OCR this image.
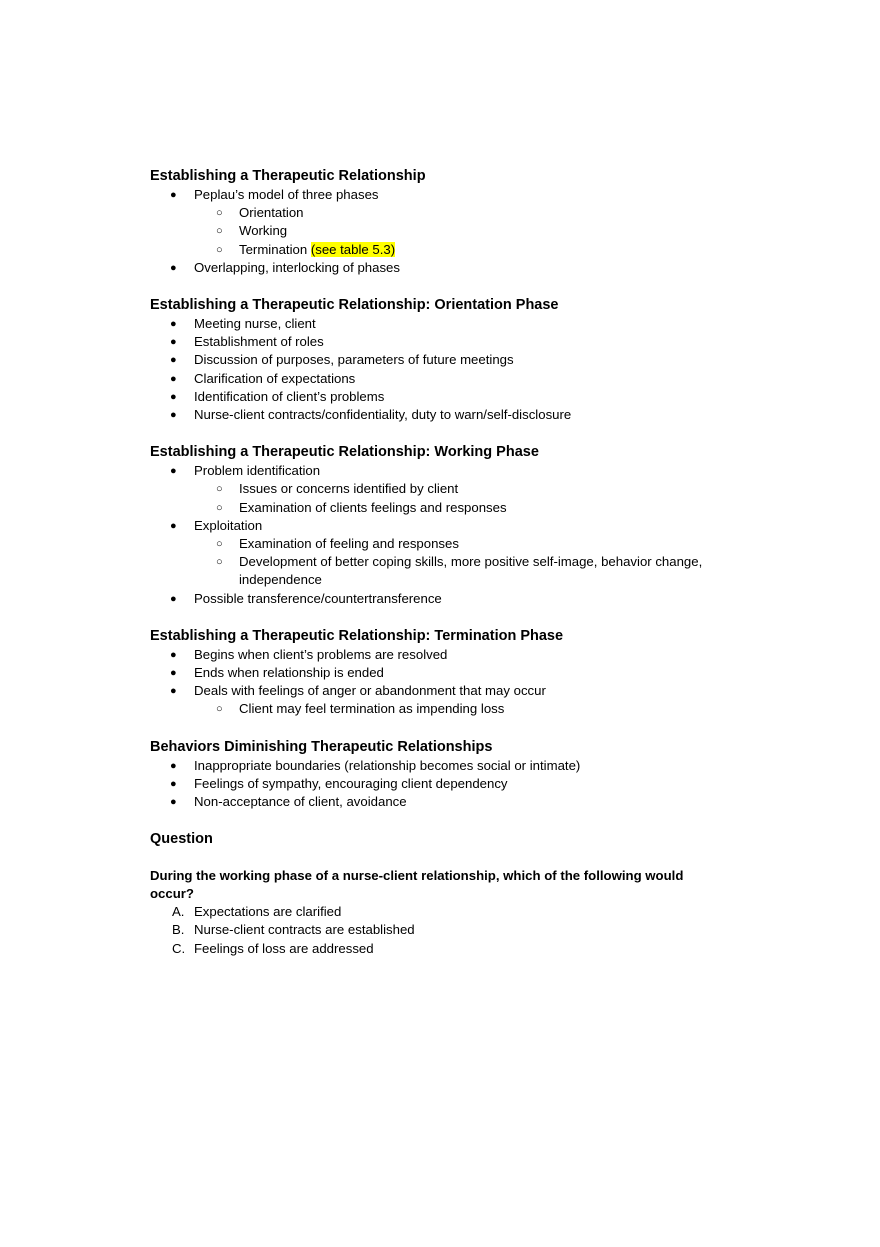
Establishing a Therapeutic Relationship
● Peplau’s model of three phases
○ Orientation
○ Working
○ Termination (see table 5.3)
● Overlapping, interlocking of phases
Establishing a Therapeutic Relationship: Orientation Phase
● Meeting nurse, client
● Establishment of roles
● Discussion of purposes, parameters of future meetings
● Clarification of expectations
● Identification of client’s problems
● Nurse-client contracts/confidentiality, duty to warn/self-disclosure
Establishing a Therapeutic Relationship: Working Phase
● Problem identification
○ Issues or concerns identified by client
○ Examination of clients feelings and responses
● Exploitation
○ Examination of feeling and responses
○ Development of better coping skills, more positive self-image, behavior change, independence
● Possible transference/countertransference
Establishing a Therapeutic Relationship: Termination Phase
● Begins when client’s problems are resolved
● Ends when relationship is ended
● Deals with feelings of anger or abandonment that may occur
○ Client may feel termination as impending loss
Behaviors Diminishing Therapeutic Relationships
● Inappropriate boundaries (relationship becomes social or intimate)
● Feelings of sympathy, encouraging client dependency
● Non-acceptance of client, avoidance
Question

During the working phase of a nurse-client relationship, which of the following would occur?

A. Expectations are clarified
B. Nurse-client contracts are established
C. Feelings of loss are addressed
